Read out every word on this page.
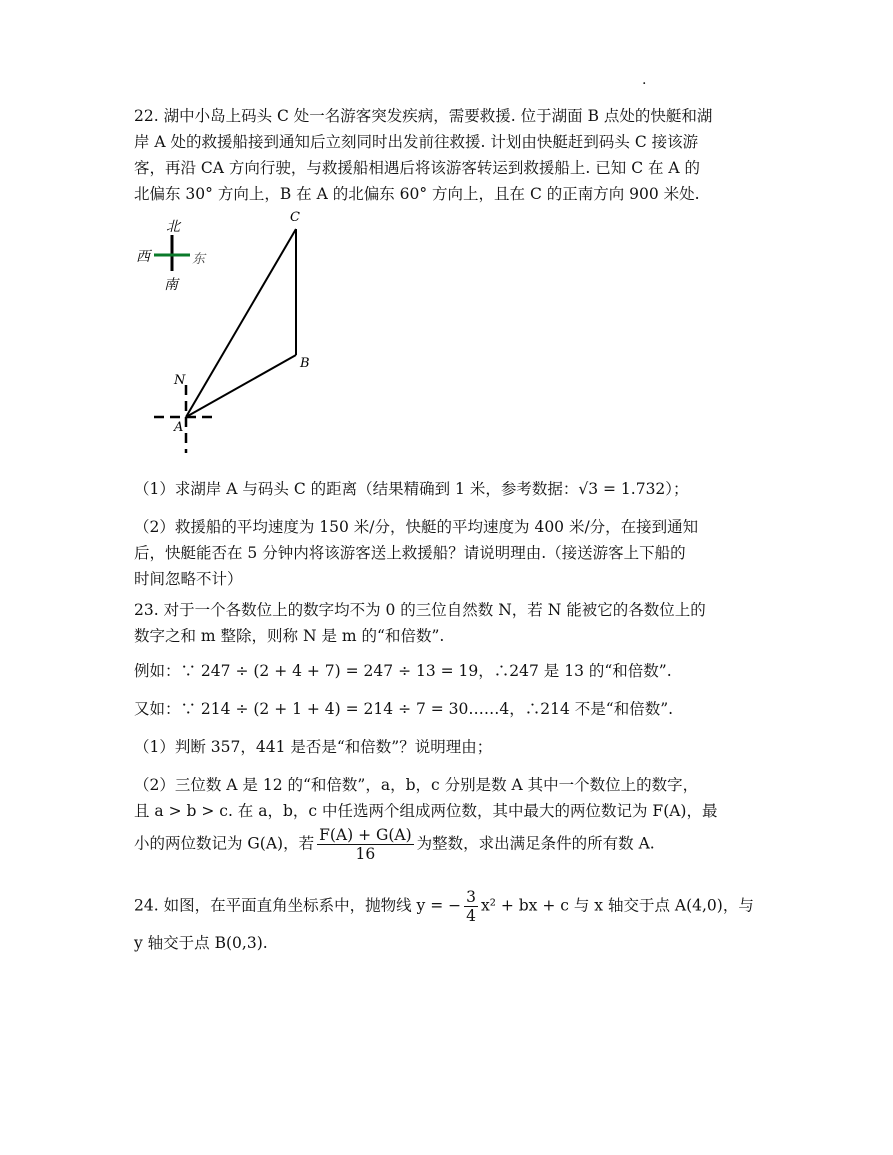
.

22. 湖中小岛上码头 C 处一名游客突发疾病，需要救援. 位于湖面 B 点处的快艇和湖

岸 A 处的救援船接到通知后立刻同时出发前往救援. 计划由快艇赶到码头 C 接该游

客，再沿 CA 方向行驶，与救援船相遇后将该游客转运到救援船上. 已知 C 在 A 的

北偏东 30° 方向上，B 在 A 的北偏东 60° 方向上，且在 C 的正南方向 900 米处.

北
西	东
南
C
B
N
A

（1）求湖岸 A 与码头 C 的距离（结果精确到 1 米，参考数据：√3 = 1.732）；

（2）救援船的平均速度为 150 米/分，快艇的平均速度为 400 米/分，在接到通知

后，快艇能否在 5 分钟内将该游客送上救援船？请说明理由.（接送游客上下船的

时间忽略不计）

23. 对于一个各数位上的数字均不为 0 的三位自然数 N，若 N 能被它的各数位上的

数字之和 m 整除，则称 N 是 m 的“和倍数”.

例如：∵ 247 ÷ (2 + 4 + 7) = 247 ÷ 13 = 19，∴247 是 13 的“和倍数”.

又如：∵ 214 ÷ (2 + 1 + 4) = 214 ÷ 7 = 30……4，∴214 不是“和倍数”.

（1）判断 357，441 是否是“和倍数”？说明理由；

（2）三位数 A 是 12 的“和倍数”，a，b，c 分别是数 A 其中一个数位上的数字，

且 a > b > c. 在 a，b，c 中任选两个组成两位数，其中最大的两位数记为 F(A)，最

小的两位数记为 G(A)，若 $\frac{F(A) + G(A)}{16}$ 为整数，求出满足条件的所有数 A.

24. 如图，在平面直角坐标系中，抛物线 y = − $\frac{3}{4} x^2$ + bx + c 与 x 轴交于点 A(4,0)，与

y 轴交于点 B(0,3).
